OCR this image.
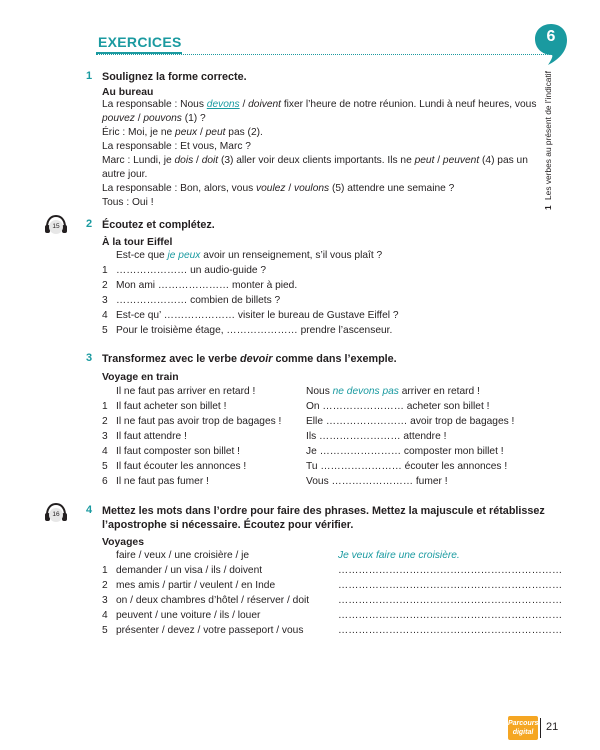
EXERCICES	6
1 Les verbes au présent de l’indicatif
1 Soulignez la forme correcte.
Au bureau
La responsable : Nous devons / doivent fixer l’heure de notre réunion. Lundi à neuf heures, vous
pouvez / pouvons (1) ?
Éric : Moi, je ne peux / peut pas (2).
La responsable : Et vous, Marc ?
Marc : Lundi, je dois / doit (3) aller voir deux clients importants. Ils ne peut / peuvent (4) pas un
autre jour.
La responsable : Bon, alors, vous voulez / voulons (5) attendre une semaine ?
Tous : Oui !
15	2 Écoutez et complétez.
À la tour Eiffel
Est-ce que je peux avoir un renseignement, s’il vous plaît ?
1 ………………… un audio-guide ?
2 Mon ami ………………… monter à pied.
3 ………………… combien de billets ?
4 Est-ce qu’ ………………… visiter le bureau de Gustave Eiffel ?
5 Pour le troisième étage, ………………… prendre l’ascenseur.
3 Transformez avec le verbe devoir comme dans l’exemple.
Voyage en train
Il ne faut pas arriver en retard !	Nous ne devons pas arriver en retard !
1 Il faut acheter son billet !	On …………………… acheter son billet !
2 Il ne faut pas avoir trop de bagages ! Elle …………………… avoir trop de bagages !
3 Il faut attendre !	Ils …………………… attendre !
4 Il faut composter son billet !	Je …………………… composter mon billet !
5 Il faut écouter les annonces !	Tu …………………… écouter les annonces !
6 Il ne faut pas fumer !	Vous …………………… fumer !
16	4 Mettez les mots dans l’ordre pour faire des phrases. Mettez la majuscule et rétablissez
l’apostrophe si nécessaire. Écoutez pour vérifier.
Voyages
faire / veux / une croisière / je	Je veux faire une croisière.
1 demander / un visa / ils / doivent	…………………………………………………………
2 mes amis / partir / veulent / en Inde	…………………………………………………………
3 on / deux chambres d’hôtel / réserver / doit	…………………………………………………………
4 peuvent / une voiture / ils / louer	…………………………………………………………
5 présenter / devez / votre passeport / vous	…………………………………………………………
Parcours
digital	21
